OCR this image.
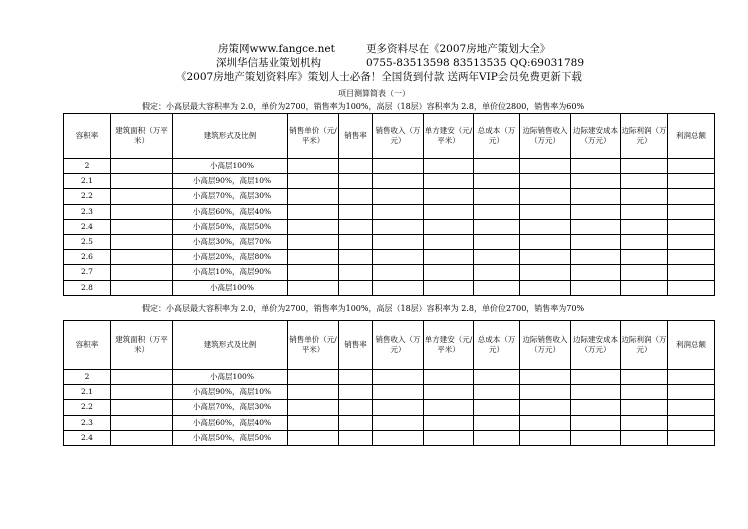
房策网www.fangce.net	更多资料尽在《2007房地产策划大全》
深圳华信基业策划机构	0755-83513598 83513535 QQ:69031789
《2007房地产策划资料库》策划人士必备！全国货到付款 送两年VIP会员免费更新下载
项目测算简表（一）
假定：小高层最大容积率为 2.0，单价为2700，销售率为100%，高层（18层）容积率为 2.8，单价位2800，销售率为60%
容积率	建筑面积（万平米）	建筑形式及比例	销售单价（元/平米）	销售率	销售收入（万元）	单方建安（元/平米）	总成本（万元）	边际销售收入（万元）	边际建安成本（万元）	边际利润（万元）	利润总额
2		小高层100%									
2.1		小高层90%，高层10%									
2.2		小高层70%，高层30%									
2.3		小高层60%，高层40%									
2.4		小高层50%，高层50%									
2.5		小高层30%，高层70%									
2.6		小高层20%，高层80%									
2.7		小高层10%，高层90%									
2.8		小高层100%									
假定：小高层最大容积率为 2.0，单价为2700，销售率为100%，高层（18层）容积率为 2.8，单价位2700，销售率为70%
容积率	建筑面积（万平米）	建筑形式及比例	销售单价（元/平米）	销售率	销售收入（万元）	单方建安（元/平米）	总成本（万元）	边际销售收入（万元）	边际建安成本（万元）	边际利润（万元）	利润总额
2		小高层100%									
2.1		小高层90%，高层10%									
2.2		小高层70%，高层30%									
2.3		小高层60%，高层40%									
2.4		小高层50%，高层50%									
